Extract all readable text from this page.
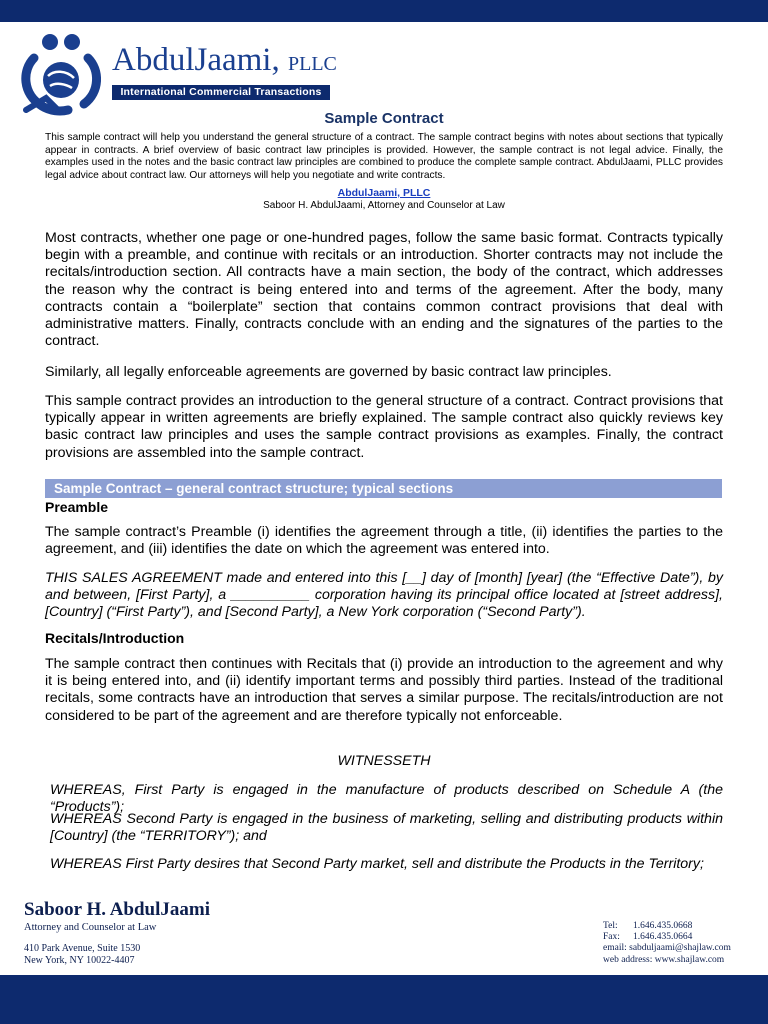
AbdulJaami, PLLC
International Commercial Transactions
Sample Contract
This sample contract will help you understand the general structure of a contract. The sample contract begins with notes about sections that typically appear in contracts. A brief overview of basic contract law principles is provided. However, the sample contract is not legal advice. Finally, the examples used in the notes and the basic contract law principles are combined to produce the complete sample contract. AbdulJaami, PLLC provides legal advice about contract law. Our attorneys will help you negotiate and write contracts.
AbdulJaami, PLLC
Saboor H. AbdulJaami, Attorney and Counselor at Law

Most contracts, whether one page or one-hundred pages, follow the same basic format. Contracts typically begin with a preamble, and continue with recitals or an introduction. Shorter contracts may not include the recitals/introduction section. All contracts have a main section, the body of the contract, which addresses the reason why the contract is being entered into and terms of the agreement. After the body, many contracts contain a “boilerplate” section that contains common contract provisions that deal with administrative matters. Finally, contracts conclude with an ending and the signatures of the parties to the contract.

Similarly, all legally enforceable agreements are governed by basic contract law principles.

This sample contract provides an introduction to the general structure of a contract. Contract provisions that typically appear in written agreements are briefly explained. The sample contract also quickly reviews key basic contract law principles and uses the sample contract provisions as examples. Finally, the contract provisions are assembled into the sample contract.

Sample Contract – general contract structure; typical sections
Preamble

The sample contract’s Preamble (i) identifies the agreement through a title, (ii) identifies the parties to the agreement, and (iii) identifies the date on which the agreement was entered into.

THIS SALES AGREEMENT made and entered into this [__] day of [month] [year] (the “Effective Date”), by and between, [First Party], a __________ corporation having its principal office located at [street address], [Country] (“First Party”), and [Second Party], a New York corporation (“Second Party”).

Recitals/Introduction

The sample contract then continues with Recitals that (i) provide an introduction to the agreement and why it is being entered into, and (ii) identify important terms and possibly third parties. Instead of the traditional recitals, some contracts have an introduction that serves a similar purpose. The recitals/introduction are not considered to be part of the agreement and are therefore typically not enforceable.

WITNESSETH

WHEREAS, First Party is engaged in the manufacture of products described on Schedule A (the “Products”);

WHEREAS Second Party is engaged in the business of marketing, selling and distributing products within [Country] (the “TERRITORY”); and

WHEREAS First Party desires that Second Party market, sell and distribute the Products in the Territory;

Saboor H. AbdulJaami
Attorney and Counselor at Law
410 Park Avenue, Suite 1530
New York, NY 10022-4407
Tel: 1.646.435.0668
Fax: 1.646.435.0664
email: sabduljaami@shajlaw.com
web address: www.shajlaw.com
